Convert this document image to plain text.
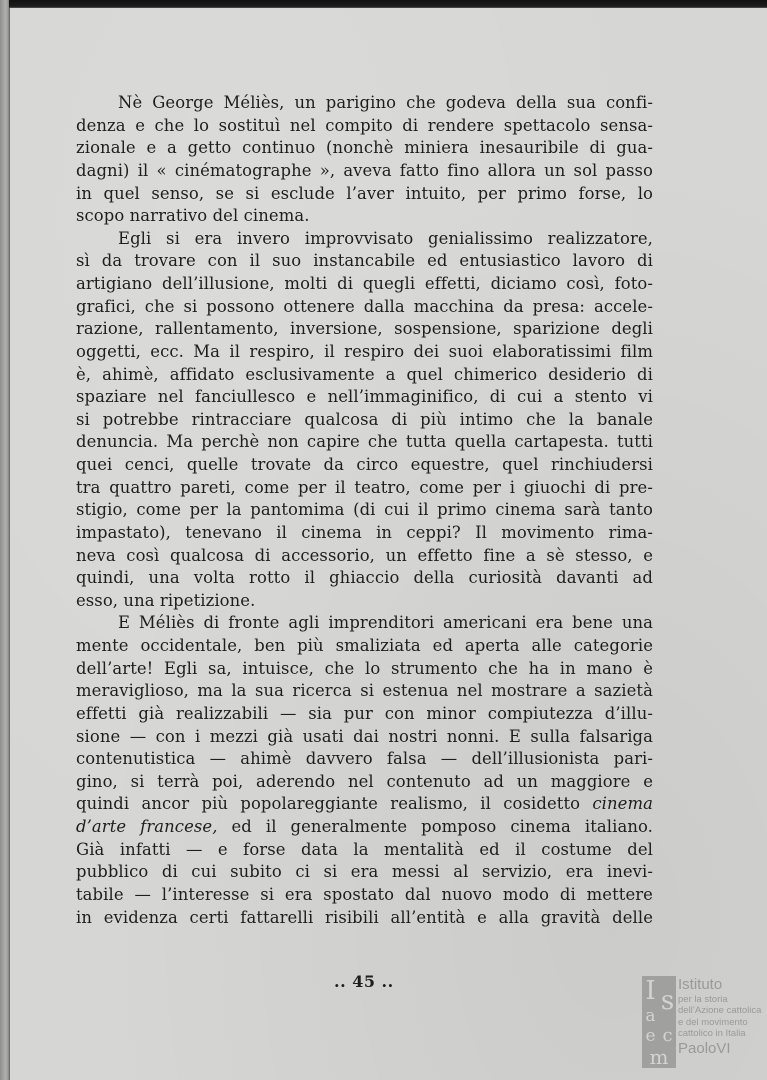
Nè George Méliès, un parigino che godeva della sua confi-
denza e che lo sostituì nel compito di rendere spettacolo sensa-
zionale e a getto continuo (nonchè miniera inesauribile di gua-
dagni) il « cinématographe », aveva fatto fino allora un sol passo
in quel senso, se si esclude l’aver intuito, per primo forse, lo
scopo narrativo del cinema.
Egli si era invero improvvisato genialissimo realizzatore,
sì da trovare con il suo instancabile ed entusiastico lavoro di
artigiano dell’illusione, molti di quegli effetti, diciamo così, foto-
grafici, che si possono ottenere dalla macchina da presa: accele-
razione, rallentamento, inversione, sospensione, sparizione degli
oggetti, ecc. Ma il respiro, il respiro dei suoi elaboratissimi film
è, ahimè, affidato esclusivamente a quel chimerico desiderio di
spaziare nel fanciullesco e nell’immaginifico, di cui a stento vi
si potrebbe rintracciare qualcosa di più intimo che la banale
denuncia. Ma perchè non capire che tutta quella cartapesta. tutti
quei cenci, quelle trovate da circo equestre, quel rinchiudersi
tra quattro pareti, come per il teatro, come per i giuochi di pre-
stigio, come per la pantomima (di cui il primo cinema sarà tanto
impastato), tenevano il cinema in ceppi? Il movimento rima-
neva così qualcosa di accessorio, un effetto fine a sè stesso, e
quindi, una volta rotto il ghiaccio della curiosità davanti ad
esso, una ripetizione.
E Méliès di fronte agli imprenditori americani era bene una
mente occidentale, ben più smaliziata ed aperta alle categorie
dell’arte! Egli sa, intuisce, che lo strumento che ha in mano è
meraviglioso, ma la sua ricerca si estenua nel mostrare a sazietà
effetti già realizzabili — sia pur con minor compiutezza d’illu-
sione — con i mezzi già usati dai nostri nonni. E sulla falsariga
contenutistica — ahimè davvero falsa — dell’illusionista pari-
gino, si terrà poi, aderendo nel contenuto ad un maggiore e
quindi ancor più popolareggiante realismo, il cosidetto cinema
d’arte francese, ed il generalmente pomposo cinema italiano.
Già infatti — e forse data la mentalità ed il costume del
pubblico di cui subito ci si era messi al servizio, era inevi-
tabile — l’interesse si era spostato dal nuovo modo di mettere
in evidenza certi fattarelli risibili all’entità e alla gravità delle
.. 45 ..	I s
a
e c
m
Istituto
per la storia
dell’Azione cattolica
e del movimento
cattolico in Italia
PaoloVI
